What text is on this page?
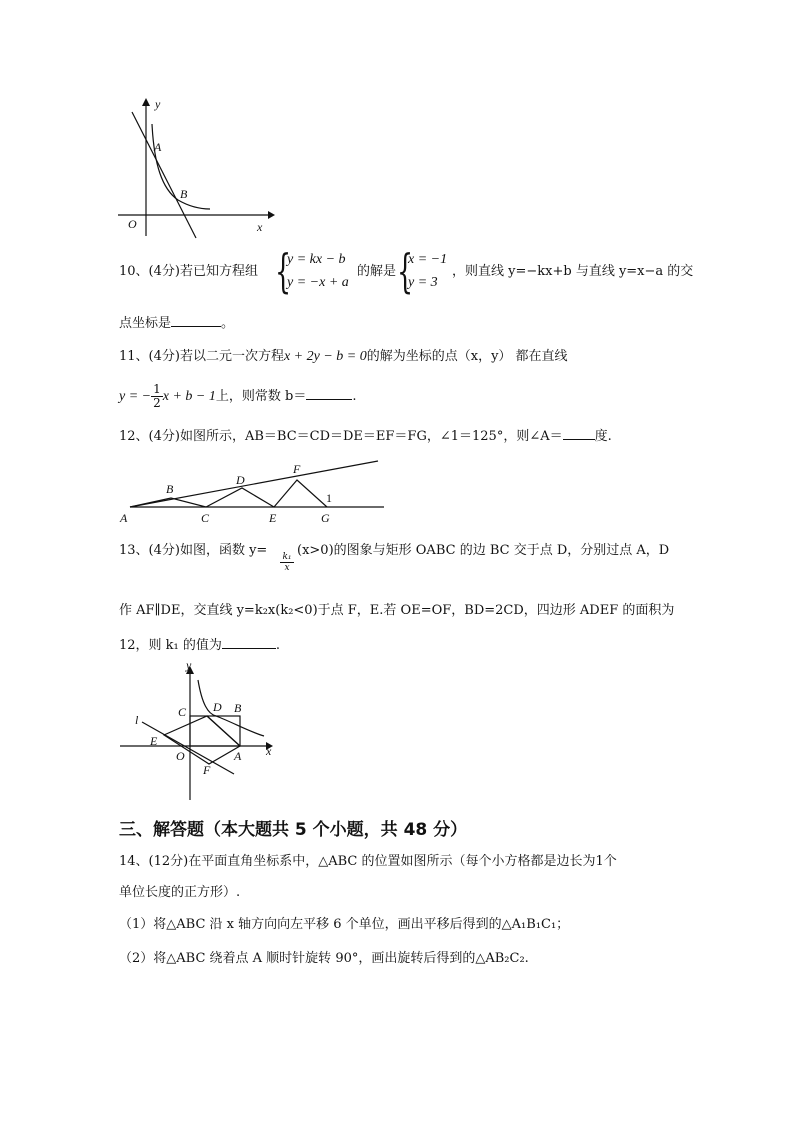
y
x
O
A
B
10、(4分)若已知方程组 {
y = kx − b
y = −x + a
的解是 {
x = −1
y = 3
，则直线 y=−kx+b 与直线 y=x−a 的交
点坐标是	。
11、(4分)若以二元一次方程x + 2y − b = 0的解为坐标的点（x，y） 都在直线
y = − $\frac{1}{2}$ x + b − 1上，则常数 b＝	.
12、(4分)如图所示，AB＝BC＝CD＝DE＝EF＝FG，∠1＝125°，则∠A＝ 度.
A
B
C
D
E
F
G
1
13、(4分)如图，函数 y=
$\frac{\text{k₁}}{x}$
(x>0)的图象与矩形 OABC 的边 BC 交于点 D，分别过点 A，D
作 AF∥DE，交直线 y=k₂x(k₂<0)于点 F，E.若 OE=OF，BD=2CD，四边形 ADEF 的面积为
12，则 k₁ 的值为	.
y
x
O	A
B
C D
E
F
l
三、解答题（本大题共 5 个小题，共 48 分）
14、(12分)在平面直角坐标系中，△ABC 的位置如图所示（每个小方格都是边长为1个
单位长度的正方形）.
（1）将△ABC 沿 x 轴方向向左平移 6 个单位，画出平移后得到的△A₁B₁C₁；
（2）将△ABC 绕着点 A 顺时针旋转 90°，画出旋转后得到的△AB₂C₂.
